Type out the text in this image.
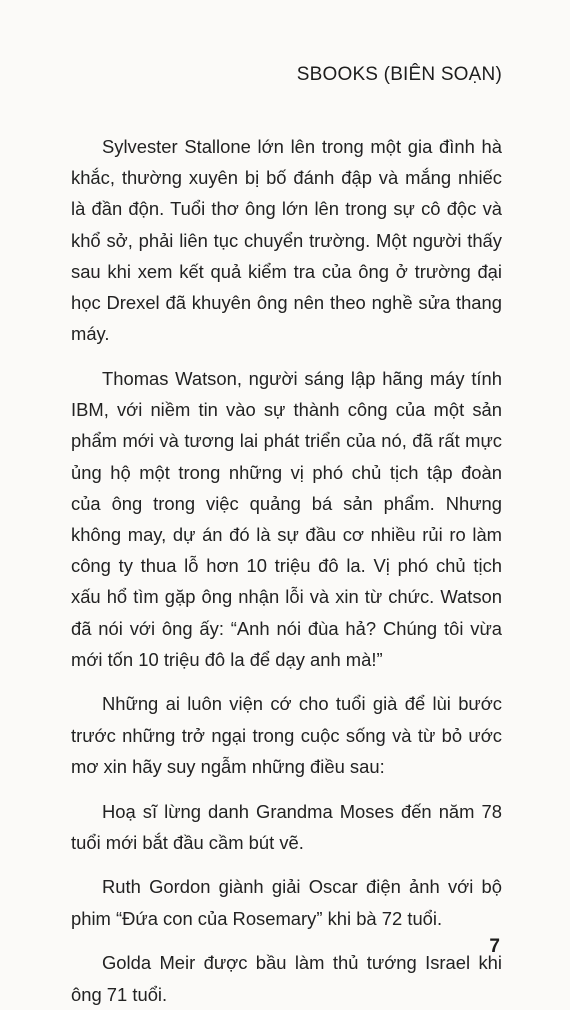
SBOOKS (BIÊN SOẠN)

Sylvester Stallone lớn lên trong một gia đình hà khắc, thường xuyên bị bố đánh đập và mắng nhiếc là đần độn. Tuổi thơ ông lớn lên trong sự cô độc và khổ sở, phải liên tục chuyển trường. Một người thấy sau khi xem kết quả kiểm tra của ông ở trường đại học Drexel đã khuyên ông nên theo nghề sửa thang máy.

Thomas Watson, người sáng lập hãng máy tính IBM, với niềm tin vào sự thành công của một sản phẩm mới và tương lai phát triển của nó, đã rất mực ủng hộ một trong những vị phó chủ tịch tập đoàn của ông trong việc quảng bá sản phẩm. Nhưng không may, dự án đó là sự đầu cơ nhiều rủi ro làm công ty thua lỗ hơn 10 triệu đô la. Vị phó chủ tịch xấu hổ tìm gặp ông nhận lỗi và xin từ chức. Watson đã nói với ông ấy: “Anh nói đùa hả? Chúng tôi vừa mới tốn 10 triệu đô la để dạy anh mà!”

Những ai luôn viện cớ cho tuổi già để lùi bước trước những trở ngại trong cuộc sống và từ bỏ ước mơ xin hãy suy ngẫm những điều sau:

Hoạ sĩ lừng danh Grandma Moses đến năm 78 tuổi mới bắt đầu cầm bút vẽ.

Ruth Gordon giành giải Oscar điện ảnh với bộ phim “Đứa con của Rosemary” khi bà 72 tuổi.

Golda Meir được bầu làm thủ tướng Israel khi ông 71 tuổi.

7
